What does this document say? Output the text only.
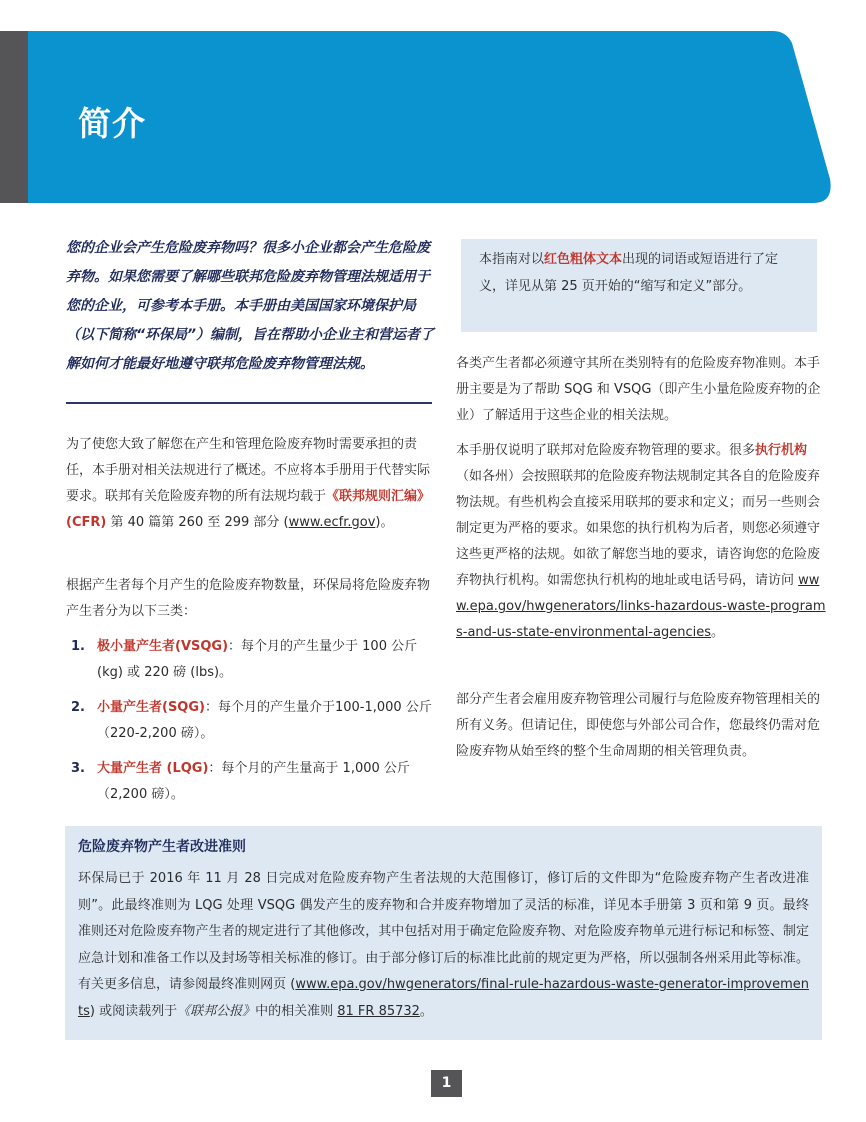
简介

您的企业会产生危险废弃物吗？很多小企业都会产生危险废弃物。如果您需要了解哪些联邦危险废弃物管理法规适用于您的企业，可参考本手册。本手册由美国国家环境保护局（以下简称“环保局”）编制，旨在帮助小企业主和营运者了解如何才能最好地遵守联邦危险废弃物管理法规。

为了使您大致了解您在产生和管理危险废弃物时需要承担的责任，本手册对相关法规进行了概述。不应将本手册用于代替实际要求。联邦有关危险废弃物的所有法规均载于《联邦规则汇编》(CFR) 第 40 篇第 260 至 299 部分 (www.ecfr.gov)。

根据产生者每个月产生的危险废弃物数量，环保局将危险废弃物产生者分为以下三类：

1. 极小量产生者(VSQG)：每个月的产生量少于 100 公斤 (kg) 或 220 磅 (lbs)。
2. 小量产生者(SQG)：每个月的产生量介于100-1,000 公斤（220-2,200 磅）。
3. 大量产生者 (LQG)：每个月的产生量高于 1,000 公斤（2,200 磅）。

本指南对以红色粗体文本出现的词语或短语进行了定义，详见从第 25 页开始的“缩写和定义”部分。

各类产生者都必须遵守其所在类别特有的危险废弃物准则。本手册主要是为了帮助 SQG 和 VSQG（即产生小量危险废弃物的企业）了解适用于这些企业的相关法规。

本手册仅说明了联邦对危险废弃物管理的要求。很多执行机构（如各州）会按照联邦的危险废弃物法规制定其各自的危险废弃物法规。有些机构会直接采用联邦的要求和定义；而另一些则会制定更为严格的要求。如果您的执行机构为后者，则您必须遵守这些更严格的法规。如欲了解您当地的要求，请咨询您的危险废弃物执行机构。如需您执行机构的地址或电话号码，请访问 www.epa.gov/hwgenerators/links-hazardous-waste-programs-and-us-state-environmental-agencies。

部分产生者会雇用废弃物管理公司履行与危险废弃物管理相关的所有义务。但请记住，即使您与外部公司合作，您最终仍需对危险废弃物从始至终的整个生命周期的相关管理负责。

危险废弃物产生者改进准则

环保局已于 2016 年 11 月 28 日完成对危险废弃物产生者法规的大范围修订，修订后的文件即为“危险废弃物产生者改进准则”。此最终准则为 LQG 处理 VSQG 偶发产生的废弃物和合并废弃物增加了灵活的标准，详见本手册第 3 页和第 9 页。最终准则还对危险废弃物产生者的规定进行了其他修改，其中包括对用于确定危险废弃物、对危险废弃物单元进行标记和标签、制定应急计划和准备工作以及封场等相关标准的修订。由于部分修订后的标准比此前的规定更为严格，所以强制各州采用此等标准。有关更多信息，请参阅最终准则网页 (www.epa.gov/hwgenerators/final-rule-hazardous-waste-generator-improvements) 或阅读载列于《联邦公报》中的相关准则 81 FR 85732。

1
